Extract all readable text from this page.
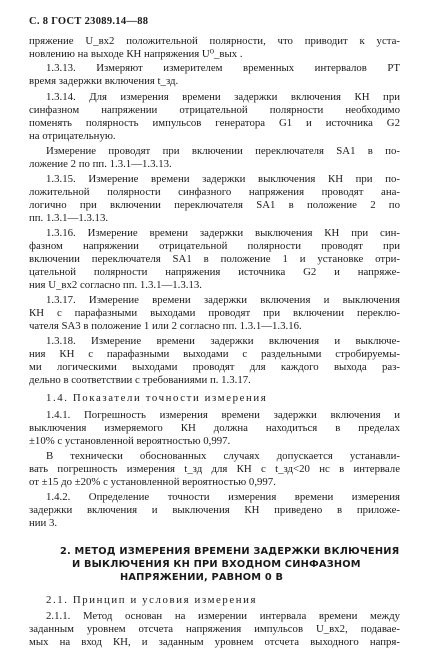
С. 8 ГОСТ 23089.14—88
пряжение U_вх2 положительной полярности, что приводит к уста-
новлению на выходе КН напряжения U⁰_вых .
1.3.13. Измеряют измерителем временных интервалов PT
время задержки включения t_зд.
1.3.14. Для измерения времени задержки включения КН при
синфазном напряжении отрицательной полярности необходимо
поменять полярность импульсов генератора G1 и источника G2
на отрицательную.
Измерение проводят при включении переключателя SA1 в по-
ложение 2 по пп. 1.3.1—1.3.13.
1.3.15. Измерение времени задержки выключения КН при по-
ложительной полярности синфазного напряжения проводят ана-
логично при включении переключателя SA1 в положение 2 по
пп. 1.3.1—1.3.13.
1.3.16. Измерение времени задержки выключения КН при син-
фазном напряжении отрицательной полярности проводят при
включении переключателя SA1 в положение 1 и установке отри-
цательной полярности напряжения источника G2 и напряже-
ния U_вх2 согласно пп. 1.3.1—1.3.13.
1.3.17. Измерение времени задержки включения и выключения
КН с парафазными выходами проводят при включении переклю-
чателя SA3 в положение 1 или 2 согласно пп. 1.3.1—1.3.16.
1.3.18. Измерение времени задержки включения и выключе-
ния КН с парафазными выходами с раздельными стробируемы-
ми логическими выходами проводят для каждого выхода раз-
дельно в соответствии с требованиями п. 1.3.17.
1.4. Показатели точности измерения
1.4.1. Погрешность измерения времени задержки включения и
выключения измеряемого КН должна находиться в пределах
±10% с установленной вероятностью 0,997.
В технически обоснованных случаях допускается устанавли-
вать погрешность измерения t_зд для КН с t_зд<20 нс в интервале
от ±15 до ±20% с установленной вероятностью 0,997.
1.4.2. Определение точности измерения времени измерения
задержки включения и выключения КН приведено в приложе-
нии 3.
2. МЕТОД ИЗМЕРЕНИЯ ВРЕМЕНИ ЗАДЕРЖКИ ВКЛЮЧЕНИЯ
И ВЫКЛЮЧЕНИЯ КН ПРИ ВХОДНОМ СИНФАЗНОМ
НАПРЯЖЕНИИ, РАВНОМ 0 В
2.1. Принцип и условия измерения
2.1.1. Метод основан на измерении интервала времени между
заданным уровнем отсчета напряжения импульсов U_вх2, подавае-
мых на вход КН, и заданным уровнем отсчета выходного напря-
